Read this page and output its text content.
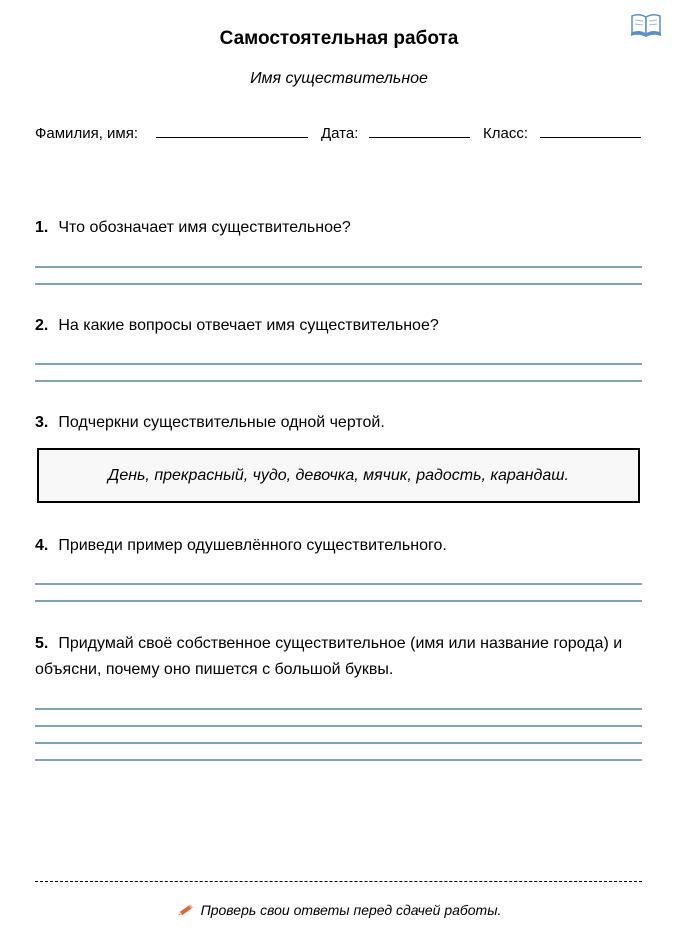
Самостоятельная работа
Имя существительное
Фамилия, имя:	Дата:	Класс:
1. Что обозначает имя существительное?
2. На какие вопросы отвечает имя существительное?
3. Подчеркни существительные одной чертой.
День, прекрасный, чудо, девочка, мячик, радость, карандаш.
4. Приведи пример одушевлённого существительного.
5. Придумай своё собственное существительное (имя или название города) и объясни, почему оно пишется с большой буквы.
Проверь свои ответы перед сдачей работы.
